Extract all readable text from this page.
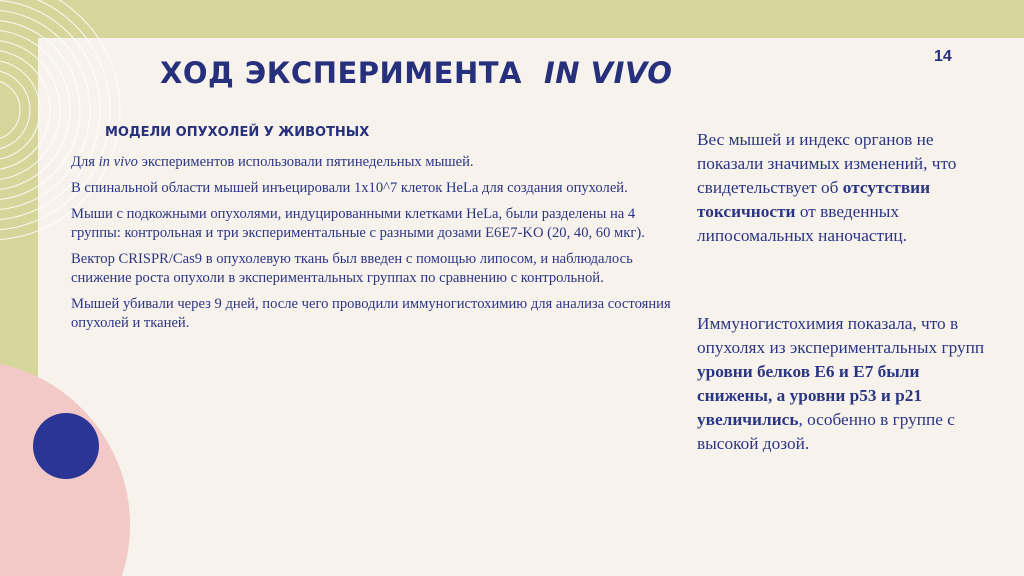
14
ХОД ЭКСПЕРИМЕНТА IN VIVO
МОДЕЛИ ОПУХОЛЕЙ У ЖИВОТНЫХ

Для in vivo экспериментов использовали пятинедельных мышей.

В спинальной области мышей инъецировали 1x10^7 клеток HeLa для создания опухолей.

Мыши с подкожными опухолями, индуцированными клетками HeLa, были разделены на 4 группы: контрольная и три экспериментальные с разными дозами E6E7-KO (20, 40, 60 мкг).

Вектор CRISPR/Cas9 в опухолевую ткань был введен с помощью липосом, и наблюдалось снижение роста опухоли в экспериментальных группах по сравнению с контрольной.

Мышей убивали через 9 дней, после чего проводили иммуногистохимию для анализа состояния опухолей и тканей.

Вес мышей и индекс органов не показали значимых изменений, что свидетельствует об отсутствии токсичности от введенных липосомальных наночастиц.

Иммуногистохимия показала, что в опухолях из экспериментальных групп уровни белков E6 и E7 были снижены, а уровни p53 и p21 увеличились, особенно в группе с высокой дозой.
